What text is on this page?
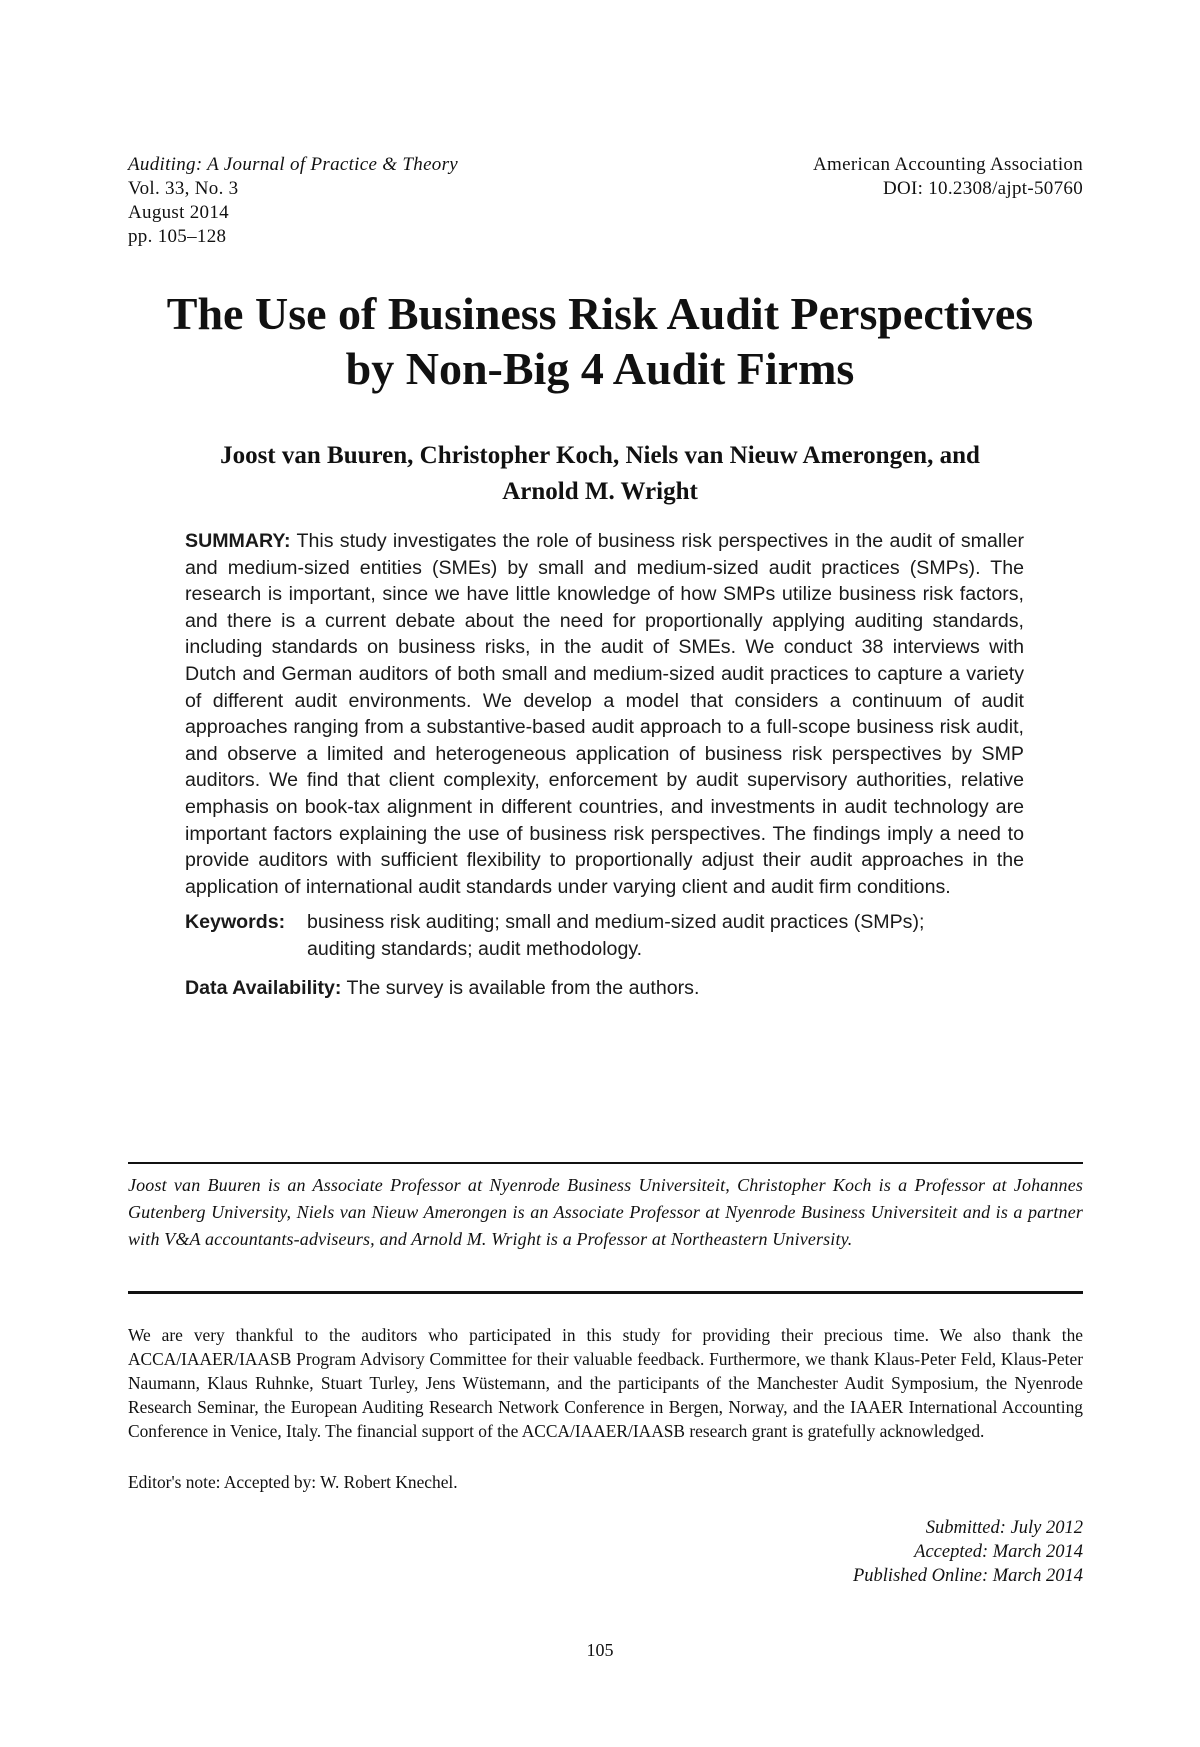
Auditing: A Journal of Practice & Theory
Vol. 33, No. 3
August 2014
pp. 105–128
American Accounting Association
DOI: 10.2308/ajpt-50760
The Use of Business Risk Audit Perspectives
by Non-Big 4 Audit Firms
Joost van Buuren, Christopher Koch, Niels van Nieuw Amerongen, and
Arnold M. Wright

SUMMARY: This study investigates the role of business risk perspectives in the audit of smaller and medium-sized entities (SMEs) by small and medium-sized audit practices (SMPs). The research is important, since we have little knowledge of how SMPs utilize business risk factors, and there is a current debate about the need for proportionally applying auditing standards, including standards on business risks, in the audit of SMEs. We conduct 38 interviews with Dutch and German auditors of both small and medium-sized audit practices to capture a variety of different audit environments. We develop a model that considers a continuum of audit approaches ranging from a substantive-based audit approach to a full-scope business risk audit, and observe a limited and heterogeneous application of business risk perspectives by SMP auditors. We find that client complexity, enforcement by audit supervisory authorities, relative emphasis on book-tax alignment in different countries, and investments in audit technology are important factors explaining the use of business risk perspectives. The findings imply a need to provide auditors with sufficient flexibility to proportionally adjust their audit approaches in the application of international audit standards under varying client and audit firm conditions.

Keywords:	business risk auditing; small and medium-sized audit practices (SMPs);
auditing standards; audit methodology.
Data Availability: The survey is available from the authors.
Joost van Buuren is an Associate Professor at Nyenrode Business Universiteit, Christopher Koch is a Professor at Johannes Gutenberg University, Niels van Nieuw Amerongen is an Associate Professor at Nyenrode Business Universiteit and is a partner with V&A accountants-adviseurs, and Arnold M. Wright is a Professor at Northeastern University.
We are very thankful to the auditors who participated in this study for providing their precious time. We also thank the ACCA/IAAER/IAASB Program Advisory Committee for their valuable feedback. Furthermore, we thank Klaus-Peter Feld, Klaus-Peter Naumann, Klaus Ruhnke, Stuart Turley, Jens Wüstemann, and the participants of the Manchester Audit Symposium, the Nyenrode Research Seminar, the European Auditing Research Network Conference in Bergen, Norway, and the IAAER International Accounting Conference in Venice, Italy. The financial support of the ACCA/IAAER/IAASB research grant is gratefully acknowledged.
Editor's note: Accepted by: W. Robert Knechel.
Submitted: July 2012
Accepted: March 2014
Published Online: March 2014
105
